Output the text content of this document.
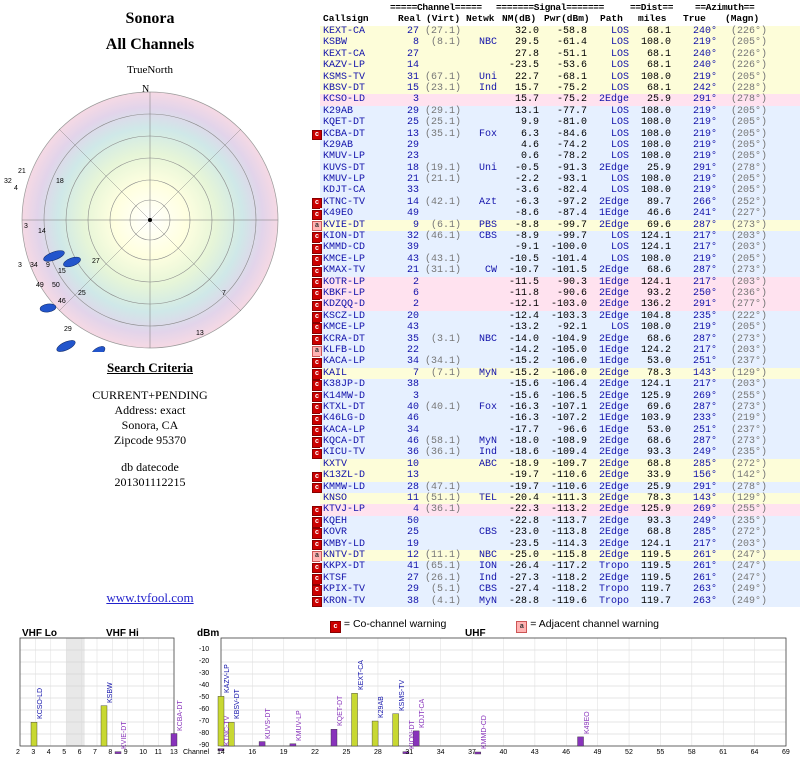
Sonora
All Channels
TrueNorth
N
21
32
4
18
3
14
3 34 9
15
27
49 50
46
25
29
7
13
Search Criteria
CURRENT+PENDING
Address: exact
Sonora, CA
Zipcode 95370
db datecode
201301112215
www.tvfool.com
=====Channel===== =======Signal=======	==Dist== ==Azimuth==
Callsign	Real (Virt) Netwk NM(dB) Pwr(dBm) Path miles True (Magn)
KEXT-CA	27 (27.1)	32.0	-58.8	LOS	68.1	240°	(226°)
KSBW	8	(8.1)	NBC	29.5	-61.4	LOS	108.0	219°	(205°)
KEXT-CA	27	27.8	-51.1	LOS	68.1	240°	(226°)
KAZV-LP	14	-23.5	-53.6	LOS	68.1	240°	(226°)
KSMS-TV	31 (67.1)	Uni	22.7	-68.1	LOS	108.0	219°	(205°)
KBSV-DT	15 (23.1)	Ind	15.7	-75.2	LOS	68.1	242°	(228°)
KCSO-LD	3	15.7	-75.2	2Edge	25.9	291°	(278°)
K29AB	29 (29.1)	13.1	-77.7	LOS	108.0	219°	(205°)
KQET-DT	25 (25.1)	9.9	-81.0	LOS	108.0	219°	(205°)
c KCBA-DT	13 (35.1)	Fox	6.3	-84.6	LOS	108.0	219°	(205°)
K29AB	29	4.6	-74.2	LOS	108.0	219°	(205°)
KMUV-LP	23	0.6	-78.2	LOS	108.0	219°	(205°)
KUVS-DT	18 (19.1)	Uni	-0.5	-91.3	2Edge	25.9	291°	(278°)
KMUV-LP	21 (21.1)	-2.2	-93.1	LOS	108.0	219°	(205°)
KDJT-CA	33	-3.6	-82.4	LOS	108.0	219°	(205°)
c KTNC-TV	14 (42.1)	Azt	-6.3	-97.2	2Edge	89.7	266°	(252°)
c K49EO	49	-8.6	-87.4	1Edge	46.6	241°	(227°)
a KVIE-DT	9	(6.1)	PBS	-8.8	-99.7	2Edge	69.6	287°	(273°)
c KION-DT	32 (46.1)	CBS	-8.9	-99.7	LOS	124.1	217°	(203°)
c KMMD-CD	39	-9.1	-100.0	LOS	124.1	217°	(203°)
c KMCE-LP	43 (43.1)	-10.5	-101.4	LOS	108.0	219°	(205°)
c KMAX-TV	21 (31.1)	CW	-10.7	-101.5	2Edge	68.6	287°	(273°)
c KOTR-LP	2	-11.5	-90.3	1Edge	124.1	217°	(203°)
c KBKF-LP	6	-11.8	-90.6	2Edge	93.2	250°	(236°)
c KDZQQ-D	2	-12.1	-103.0	2Edge	136.2	291°	(277°)
c KSCZ-LD	20	-12.4	-103.3	2Edge	104.8	235°	(222°)
c KMCE-LP	43	-13.2	-92.1	LOS	108.0	219°	(205°)
c KCRA-DT	35	(3.1)	NBC	-14.0	-104.9	2Edge	68.6	287°	(273°)
a KLFB-LD	22	-14.2	-105.0	1Edge	124.2	217°	(203°)
c KACA-LP	34 (34.1)	-15.2	-106.0	1Edge	53.0	251°	(237°)
c KAIL	7	(7.1)	MyN	-15.2	-106.0	2Edge	78.3	143°	(129°)
c K38JP-D	38	-15.6	-106.4	2Edge	124.1	217°	(203°)
c K14MW-D	3	-15.6	-106.5	2Edge	125.9	269°	(255°)
c KTXL-DT	40 (40.1)	Fox	-16.3	-107.1	2Edge	69.6	287°	(273°)
c K46LG-D	46	-16.3	-107.2	1Edge	103.9	233°	(219°)
c KACA-LP	34	-17.7	-96.6	1Edge	53.0	251°	(237°)
c KQCA-DT	46 (58.1)	MyN	-18.0	-108.9	2Edge	68.6	287°	(273°)
c KICU-TV	36 (36.1)	Ind	-18.6	-109.4	2Edge	93.3	249°	(235°)
KXTV	10	ABC	-18.9	-109.7	2Edge	68.8	285°	(272°)
c K13ZL-D	13	-19.7	-110.6	2Edge	33.9	156°	(142°)
c KMMW-LD	28 (47.1)	-19.7	-110.6	2Edge	25.9	291°	(278°)
KNSO	11 (51.1)	TEL	-20.4	-111.3	2Edge	78.3	143°	(129°)
c KTVJ-LP	4 (36.1)	-22.3	-113.2	2Edge	125.9	269°	(255°)
c KQEH	50	-22.8	-113.7	2Edge	93.3	249°	(235°)
c KOVR	25	CBS	-23.0	-113.8	2Edge	68.8	285°	(272°)
c KMBY-LD	19	-23.5	-114.3	2Edge	124.1	217°	(203°)
a KNTV-DT	12 (11.1)	NBC	-25.0	-115.8	2Edge	119.5	261°	(247°)
c KKPX-DT	41 (65.1)	ION	-26.4	-117.2	Tropo	119.5	261°	(247°)
c KTSF	27 (26.1)	Ind	-27.3	-118.2	2Edge	119.5	261°	(247°)
c KPIX-TV	29	(5.1)	CBS	-27.4	-118.2	Tropo	119.7	263°	(249°)
c KRON-TV	38	(4.1)	MyN	-28.8	-119.6	Tropo	119.7	263°	(249°)
c = Co-channel warning	a = Adjacent channel warning
KCSO-LD
KVIE-DT
KSBW
KCBA-DT
2 3 4 5 6 7 8 9 10 11 13
VHF Lo	VHF Hi
KTNC-TV
KAZV-LP
KBSV-DT
KUVS-DT	KMUV-LP	KQET-DT
KEXT-CA
K29AB KSMS-TV
KDJT-CA
KION-DT	KMMD-CD	K49EO
14	16	19	22	25	28	31	34	37	40	43	46	49	52	55	58	61	64	69
-10
-20
-30
-40
-50
-60
-70
-80
-90
dBm	UHF
Channel
